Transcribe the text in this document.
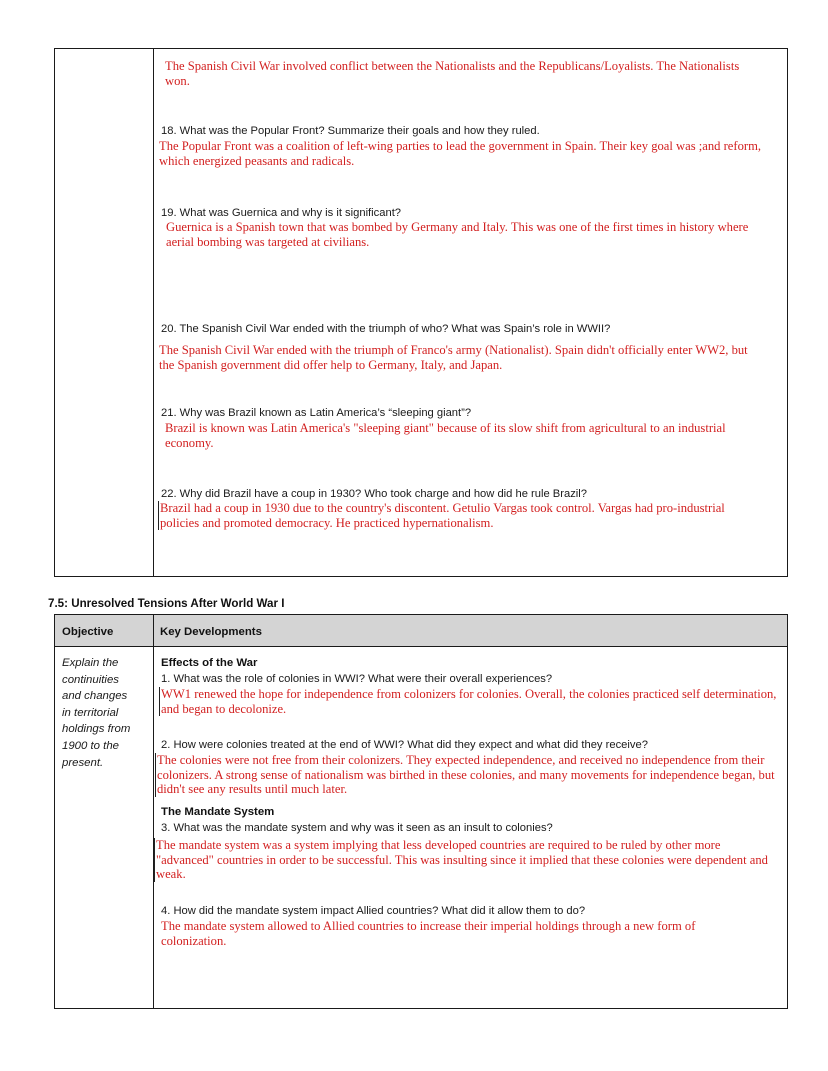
The Spanish Civil War involved conflict between the Nationalists and the Republicans/Loyalists. The Nationalists won.
18. What was the Popular Front? Summarize their goals and how they ruled.
The Popular Front was a coalition of left-wing parties to lead the government in Spain. Their key goal was ;and reform, which energized peasants and radicals.
19. What was Guernica and why is it significant?
Guernica is a Spanish town that was bombed by Germany and Italy. This was one of the first times in history where aerial bombing was targeted at civilians.
20. The Spanish Civil War ended with the triumph of who? What was Spain’s role in WWII?
The Spanish Civil War ended with the triumph of Franco's army (Nationalist). Spain didn't officially enter WW2, but the Spanish government did offer help to Germany, Italy, and Japan.
21. Why was Brazil known as Latin America’s “sleeping giant”?
Brazil is known was Latin America's "sleeping giant" because of its slow shift from agricultural to an industrial economy.
22. Why did Brazil have a coup in 1930? Who took charge and how did he rule Brazil?
Brazil had a coup in 1930 due to the country's discontent. Getulio Vargas took control. Vargas had pro-industrial policies and promoted democracy. He practiced hypernationalism.
7.5: Unresolved Tensions After World War I
Objective	Key Developments
Explain the
continuities
and changes
in territorial
holdings from
1900 to the
present.
Effects of the War
1. What was the role of colonies in WWI? What were their overall experiences?
WW1 renewed the hope for independence from colonizers for colonies. Overall, the colonies practiced self determination, and began to decolonize.
2. How were colonies treated at the end of WWI? What did they expect and what did they receive?
The colonies were not free from their colonizers. They expected independence, and received no independence from their colonizers. A strong sense of nationalism was birthed in these colonies, and many movements for independence began, but didn't see any results until much later.
The Mandate System
3. What was the mandate system and why was it seen as an insult to colonies?
The mandate system was a system implying that less developed countries are required to be ruled by other more "advanced" countries in order to be successful. This was insulting since it implied that these colonies were dependent and weak.
4. How did the mandate system impact Allied countries? What did it allow them to do?
The mandate system allowed to Allied countries to increase their imperial holdings through a new form of colonization.
